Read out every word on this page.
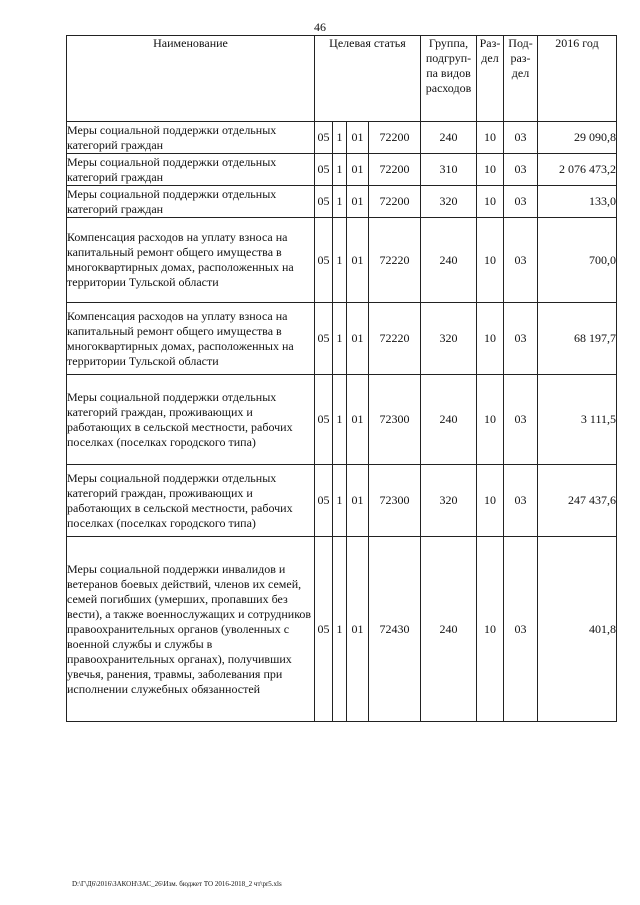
46
Наименование	Целевая статья				Группа, подгруп-па видов расходов	Раз-дел	Под-раз-дел	2016 год
Меры социальной поддержки отдельных категорий граждан	05	1	01	72200	240	10	03	29 090,8
Меры социальной поддержки отдельных категорий граждан	05	1	01	72200	310	10	03	2 076 473,2
Меры социальной поддержки отдельных категорий граждан	05	1	01	72200	320	10	03	133,0
Компенсация расходов на уплату взноса на капитальный ремонт общего имущества в многоквартирных домах, расположенных на территории Тульской области	05	1	01	72220	240	10	03	700,0
Компенсация расходов на уплату взноса на капитальный ремонт общего имущества в многоквартирных домах, расположенных на территории Тульской области	05	1	01	72220	320	10	03	68 197,7
Меры социальной поддержки отдельных категорий граждан, проживающих и работающих в сельской местности, рабочих поселках (поселках городского типа)	05	1	01	72300	240	10	03	3 111,5
Меры социальной поддержки отдельных категорий граждан, проживающих и работающих в сельской местности, рабочих поселках (поселках городского типа)	05	1	01	72300	320	10	03	247 437,6
Меры социальной поддержки инвалидов и ветеранов боевых действий, членов их семей, семей погибших (умерших, пропавших без вести), а также военнослужащих и сотрудников правоохранительных органов (уволенных с военной службы и службы в правоохранительных органах), получивших увечья, ранения, травмы, заболевания при исполнении служебных обязанностей	05	1	01	72430	240	10	03	401,8
D:\Г\Д6\2016\ЗАКОН\ЗАС_26\Изм. бюджет ТО 2016-2018_2 чт\pr5.xls
